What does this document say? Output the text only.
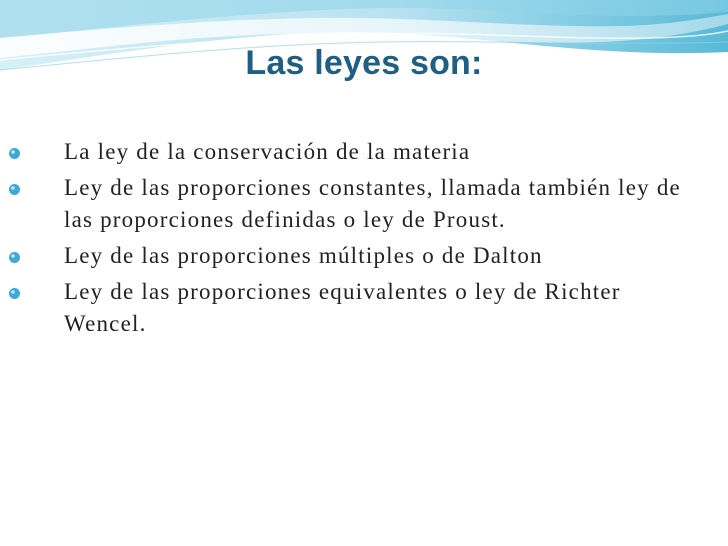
Las leyes son:
La ley de la conservación de la materia
Ley de las proporciones constantes, llamada también ley de las proporciones definidas o ley de Proust.
Ley de las proporciones múltiples o de Dalton
Ley de las proporciones equivalentes o ley de Richter Wencel.
